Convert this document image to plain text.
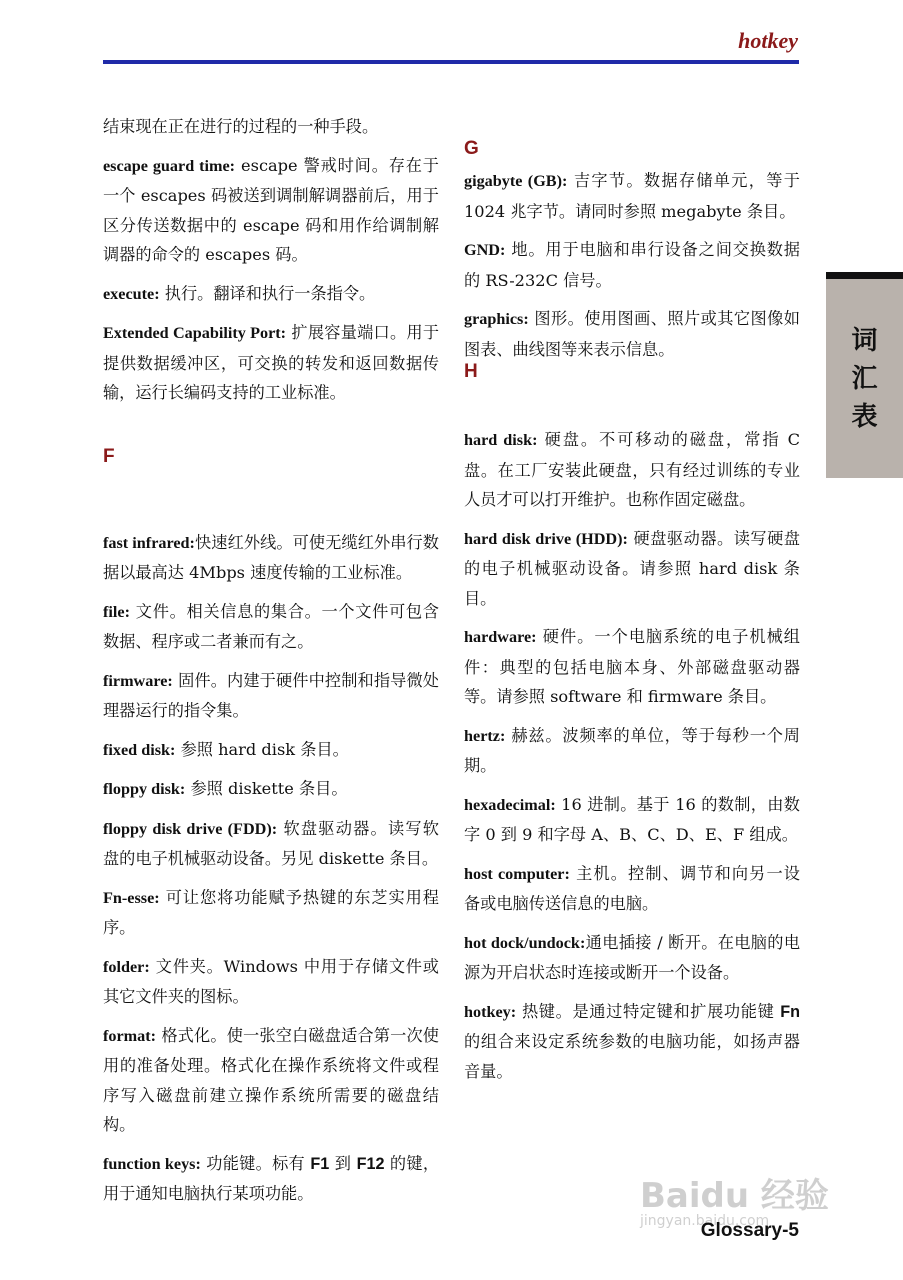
hotkey

结束现在正在进行的过程的一种手段。

escape guard time: escape 警戒时间。存在于一个 escapes 码被送到调制解调器前后，用于区分传送数据中的 escape 码和用作给调制解调器的命令的 escapes 码。

execute: 执行。翻译和执行一条指令。

Extended Capability Port: 扩展容量端口。用于提供数据缓冲区，可交换的转发和返回数据传输，运行长编码支持的工业标准。

F

fast infrared:快速红外线。可使无缆红外串行数据以最高达 4Mbps 速度传输的工业标准。

file: 文件。相关信息的集合。一个文件可包含数据、程序或二者兼而有之。

firmware: 固件。内建于硬件中控制和指导微处理器运行的指令集。

fixed disk: 参照 hard disk 条目。

floppy disk: 参照 diskette 条目。

floppy disk drive (FDD): 软盘驱动器。读写软盘的电子机械驱动设备。另见 diskette 条目。

Fn-esse: 可让您将功能赋予热键的东芝实用程序。

folder: 文件夹。Windows 中用于存储文件或其它文件夹的图标。

format: 格式化。使一张空白磁盘适合第一次使用的准备处理。格式化在操作系统将文件或程序写入磁盘前建立操作系统所需要的磁盘结构。

function keys: 功能键。标有 F1 到 F12 的键，用于通知电脑执行某项功能。

G

gigabyte (GB): 吉字节。数据存储单元，等于 1024 兆字节。请同时参照 megabyte 条目。

GND: 地。用于电脑和串行设备之间交换数据的 RS-232C 信号。

graphics: 图形。使用图画、照片或其它图像如图表、曲线图等来表示信息。

H

hard disk: 硬盘。不可移动的磁盘，常指 C 盘。在工厂安装此硬盘，只有经过训练的专业人员才可以打开维护。也称作固定磁盘。

hard disk drive (HDD): 硬盘驱动器。读写硬盘的电子机械驱动设备。请参照 hard disk 条目。

hardware: 硬件。一个电脑系统的电子机械组件：典型的包括电脑本身、外部磁盘驱动器等。请参照 software 和 firmware 条目。

hertz: 赫兹。波频率的单位，等于每秒一个周期。

hexadecimal: 16 进制。基于 16 的数制，由数字 0 到 9 和字母 A、B、C、D、E、F 组成。

host computer: 主机。控制、调节和向另一设备或电脑传送信息的电脑。

hot dock/undock:通电插接 / 断开。在电脑的电源为开启状态时连接或断开一个设备。

hotkey: 热键。是通过特定键和扩展功能键 Fn 的组合来设定系统参数的电脑功能，如扬声器音量。

词
汇
表
Baidu 经验
jingyan.baidu.com
Glossary-5
